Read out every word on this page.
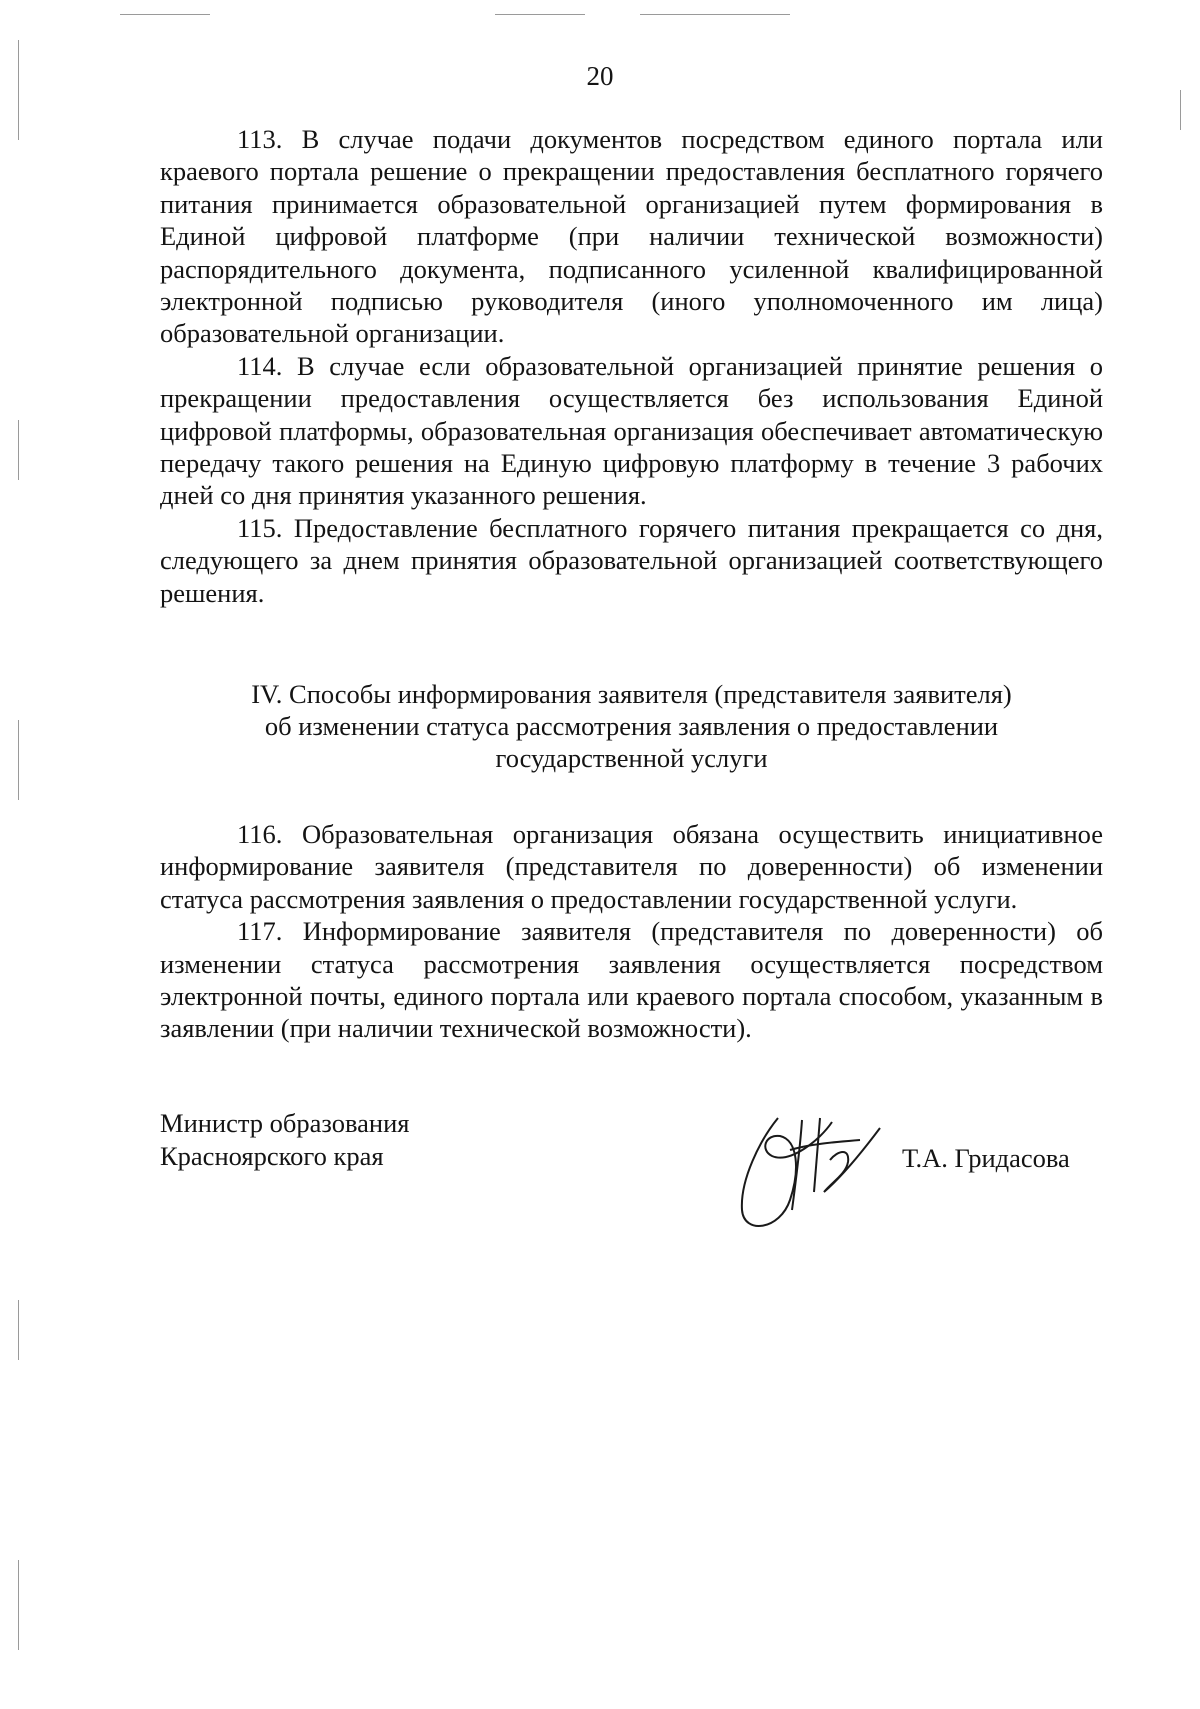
20

113. В случае подачи документов посредством единого портала или краевого портала решение о прекращении предоставления бесплатного горячего питания принимается образовательной организацией путем формирования в Единой цифровой платформе (при наличии технической возможности) распорядительного документа, подписанного усиленной квалифицированной электронной подписью руководителя (иного уполномоченного им лица) образовательной организации.

114. В случае если образовательной организацией принятие решения о прекращении предоставления осуществляется без использования Единой цифровой платформы, образовательная организация обеспечивает автоматическую передачу такого решения на Единую цифровую платформу в течение 3 рабочих дней со дня принятия указанного решения.

115. Предоставление бесплатного горячего питания прекращается со дня, следующего за днем принятия образовательной организацией соответствующего решения.

IV. Способы информирования заявителя (представителя заявителя)
об изменении статуса рассмотрения заявления о предоставлении
государственной услуги

116. Образовательная организация обязана осуществить инициативное информирование заявителя (представителя по доверенности) об изменении статуса рассмотрения заявления о предоставлении государственной услуги.

117. Информирование заявителя (представителя по доверенности) об изменении статуса рассмотрения заявления осуществляется посредством электронной почты, единого портала или краевого портала способом, указанным в заявлении (при наличии технической возможности).

Министр образования
Красноярского края	Т.А. Гридасова
